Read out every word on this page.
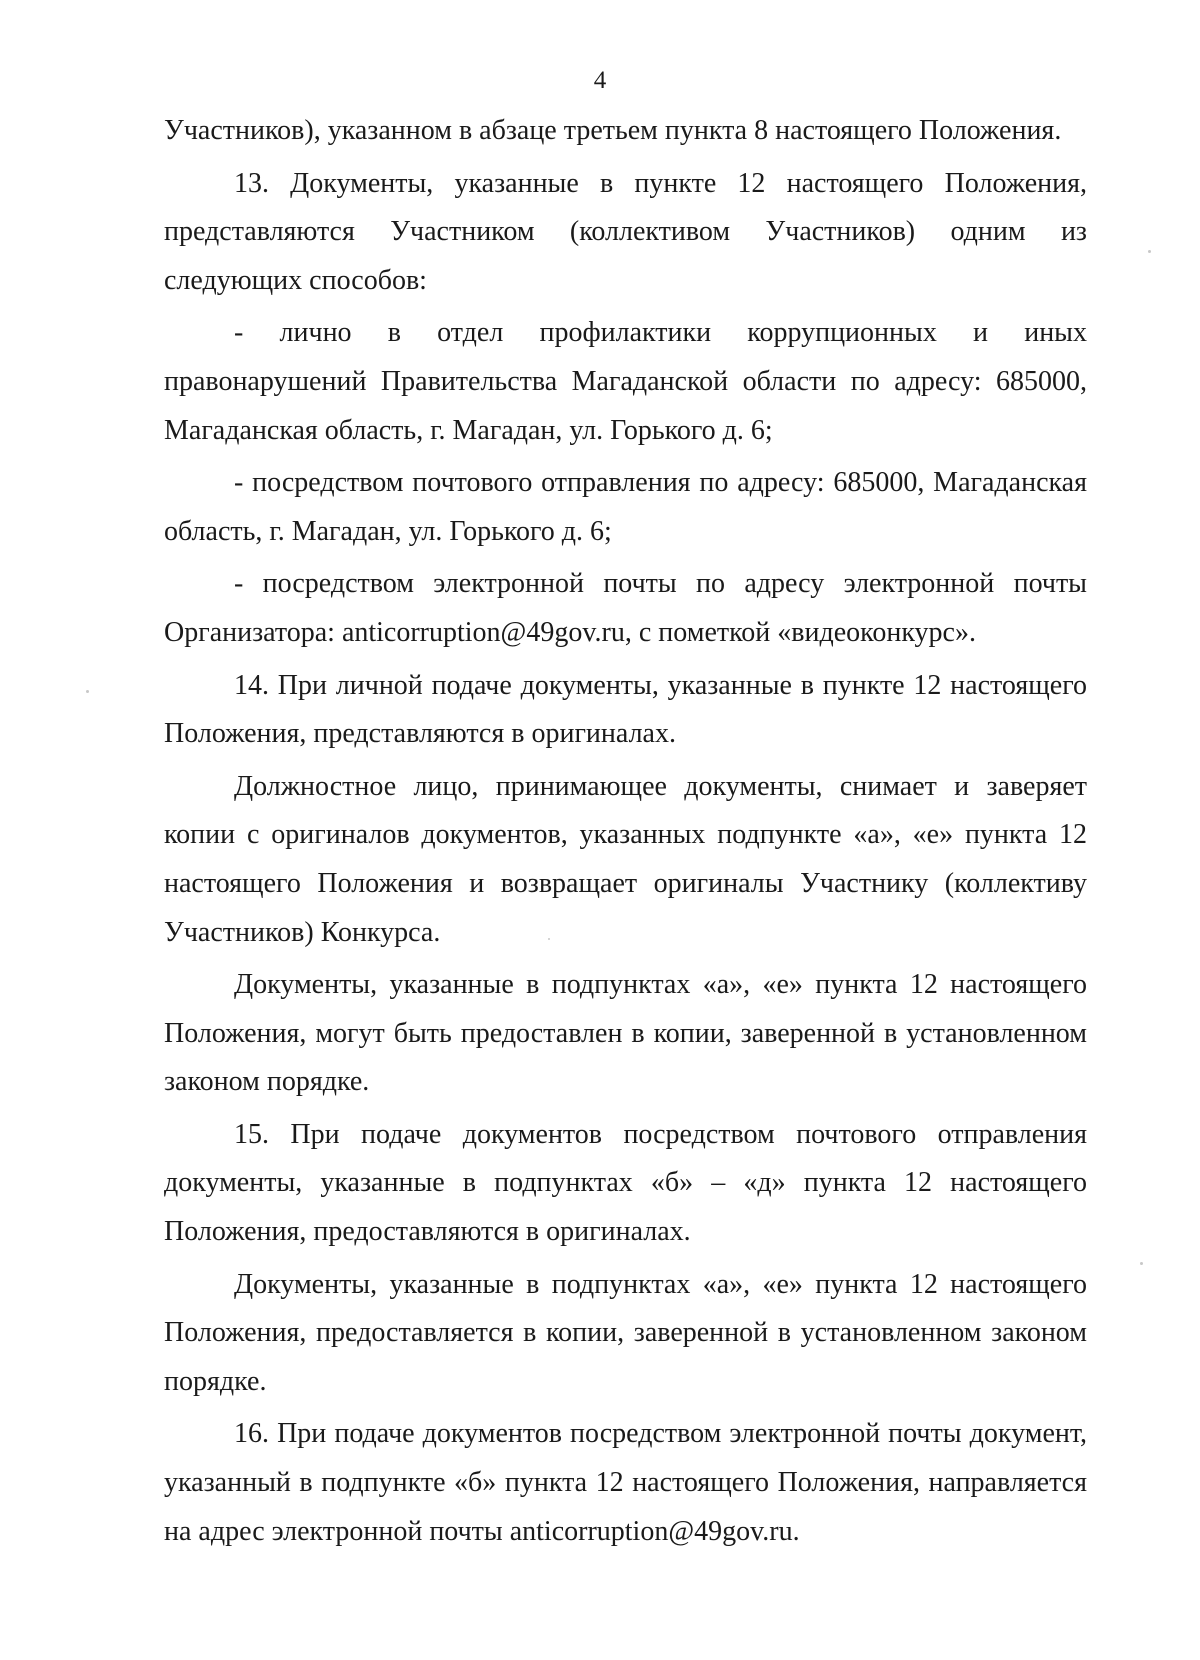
4

Участников), указанном в абзаце третьем пункта 8 настоящего Положения.

13. Документы, указанные в пункте 12 настоящего Положения, представляются Участником (коллективом Участников) одним из следующих способов:

- лично в отдел профилактики коррупционных и иных правонарушений Правительства Магаданской области по адресу: 685000, Магаданская область, г. Магадан, ул. Горького д. 6;

- посредством почтового отправления по адресу: 685000, Магаданская область, г. Магадан, ул. Горького д. 6;

- посредством электронной почты по адресу электронной почты Организатора: anticorruption@49gov.ru, с пометкой «видеоконкурс».

14. При личной подаче документы, указанные в пункте 12 настоящего Положения, представляются в оригиналах.

Должностное лицо, принимающее документы, снимает и заверяет копии с оригиналов документов, указанных подпункте «а», «е» пункта 12 настоящего Положения и возвращает оригиналы Участнику (коллективу Участников) Конкурса.

Документы, указанные в подпунктах «а», «е» пункта 12 настоящего Положения, могут быть предоставлен в копии, заверенной в установленном законом порядке.

15. При подаче документов посредством почтового отправления документы, указанные в подпунктах «б» – «д» пункта 12 настоящего Положения, предоставляются в оригиналах.

Документы, указанные в подпунктах «а», «е» пункта 12 настоящего Положения, предоставляется в копии, заверенной в установленном законом порядке.

16. При подаче документов посредством электронной почты документ, указанный в подпункте «б» пункта 12 настоящего Положения, направляется на адрес электронной почты anticorruption@49gov.ru.
